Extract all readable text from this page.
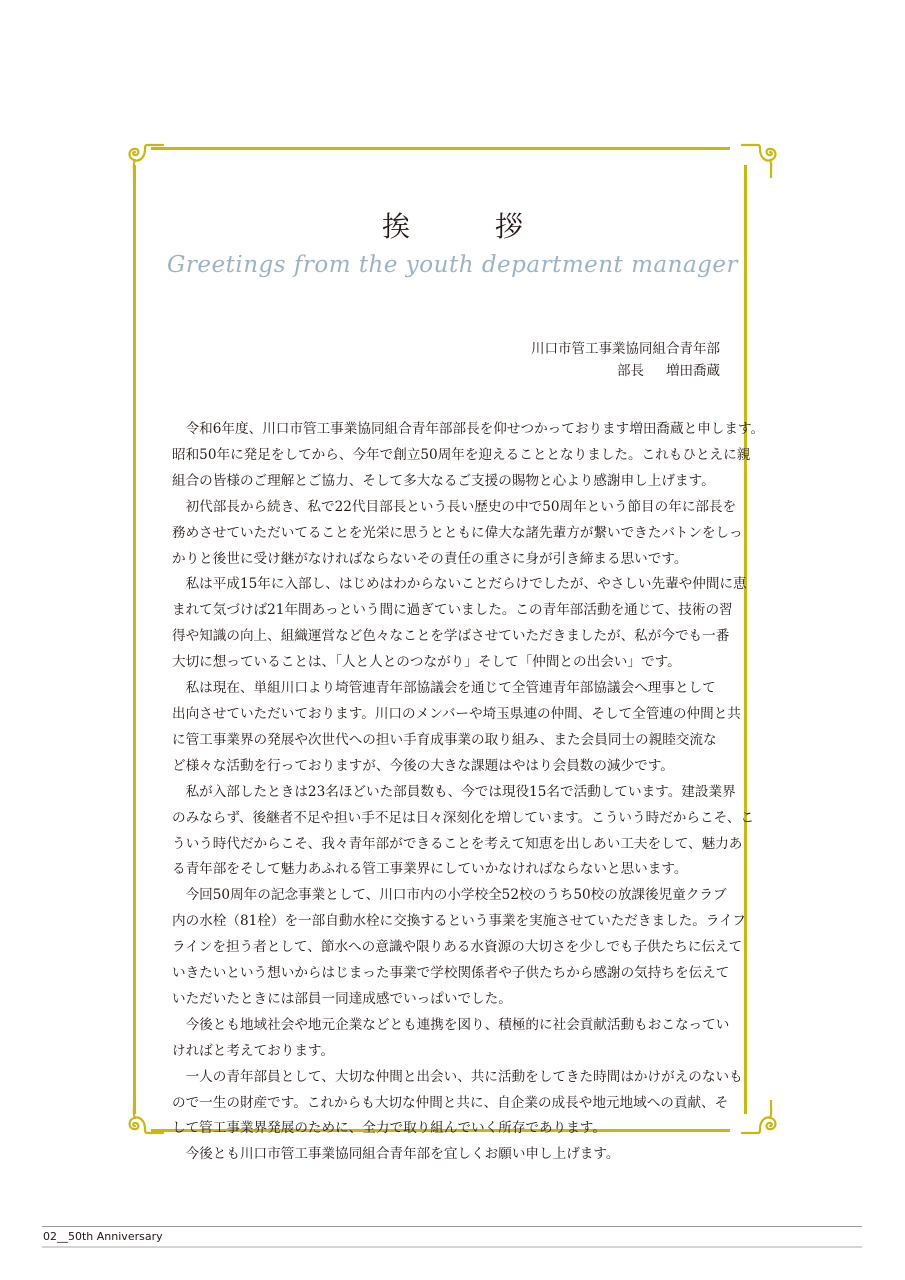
挨	拶
Greetings from the youth department manager
川口市管工事業協同組合青年部
部長 増田喬蔵

令和6年度、川口市管工事業協同組合青年部部長を仰せつかっております増田喬蔵と申します。
昭和50年に発足をしてから、今年で創立50周年を迎えることとなりました。これもひとえに親
組合の皆様のご理解とご協力、そして多大なるご支援の賜物と心より感謝申し上げます。

初代部長から続き、私で22代目部長という長い歴史の中で50周年という節目の年に部長を
務めさせていただいてることを光栄に思うとともに偉大な諸先輩方が繋いできたバトンをしっ
かりと後世に受け継がなければならないその責任の重さに身が引き締まる思いです。

私は平成15年に入部し、はじめはわからないことだらけでしたが、やさしい先輩や仲間に恵
まれて気づけば21年間あっという間に過ぎていました。この青年部活動を通じて、技術の習
得や知識の向上、組織運営など色々なことを学ばさせていただきましたが、私が今でも一番
大切に想っていることは、「人と人とのつながり」そして「仲間との出会い」です。

私は現在、単組川口より埼管連青年部協議会を通じて全管連青年部協議会へ理事として
出向させていただいております。川口のメンバーや埼玉県連の仲間、そして全管連の仲間と共
に管工事業界の発展や次世代への担い手育成事業の取り組み、また会員同士の親睦交流な
ど様々な活動を行っておりますが、今後の大きな課題はやはり会員数の減少です。

私が入部したときは23名ほどいた部員数も、今では現役15名で活動しています。建設業界
のみならず、後継者不足や担い手不足は日々深刻化を増しています。こういう時だからこそ、こ
ういう時代だからこそ、我々青年部ができることを考えて知恵を出しあい工夫をして、魅力あ
る青年部をそして魅力あふれる管工事業界にしていかなければならないと思います。

今回50周年の記念事業として、川口市内の小学校全52校のうち50校の放課後児童クラブ
内の水栓（81栓）を一部自動水栓に交換するという事業を実施させていただきました。ライフ
ラインを担う者として、節水への意識や限りある水資源の大切さを少しでも子供たちに伝えて
いきたいという想いからはじまった事業で学校関係者や子供たちから感謝の気持ちを伝えて
いただいたときには部員一同達成感でいっぱいでした。

今後とも地域社会や地元企業などとも連携を図り、積極的に社会貢献活動もおこなってい
ければと考えております。

一人の青年部員として、大切な仲間と出会い、共に活動をしてきた時間はかけがえのないも
ので一生の財産です。これからも大切な仲間と共に、自企業の成長や地元地域への貢献、そ
して管工事業界発展のために、全力で取り組んでいく所存であります。

今後とも川口市管工事業協同組合青年部を宜しくお願い申し上げます。

02__50th Anniversary
